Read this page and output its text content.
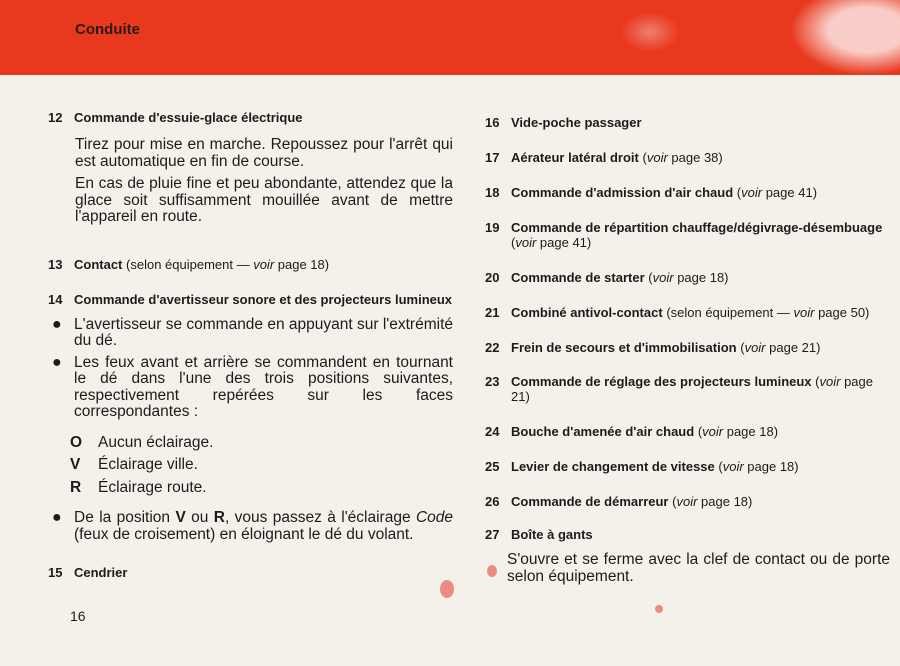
Conduite
12 Commande d'essuie-glace électrique

Tirez pour mise en marche. Repoussez pour l'arrêt qui est automatique en fin de course.

En cas de pluie fine et peu abondante, attendez que la glace soit suffisamment mouillée avant de mettre l'appareil en route.

13 Contact (selon équipement — voir page 18)
14 Commande d'avertisseur sonore et des projecteurs lumineux
● L'avertisseur se commande en appuyant sur l'extrémité du dé.
● Les feux avant et arrière se commandent en tournant le dé dans l'une des trois positions suivantes, respectivement repérées sur les faces correspondantes :
O	Aucun éclairage.
V	Éclairage ville.
R	Éclairage route.
● De la position V ou R, vous passez à l'éclairage Code (feux de croisement) en éloignant le dé du volant.
15 Cendrier
16
16 Vide-poche passager
17 Aérateur latéral droit (voir page 38)
18 Commande d'admission d'air chaud (voir page 41)
19 Commande de répartition chauffage/dégivrage-désembuage (voir page 41)
20 Commande de starter (voir page 18)
21 Combiné antivol-contact (selon équipement — voir page 50)
22 Frein de secours et d'immobilisation (voir page 21)
23 Commande de réglage des projecteurs lumineux (voir page 21)
24 Bouche d'amenée d'air chaud (voir page 18)
25 Levier de changement de vitesse (voir page 18)
26 Commande de démarreur (voir page 18)
27 Boîte à gants

S'ouvre et se ferme avec la clef de contact ou de porte selon équipement.
